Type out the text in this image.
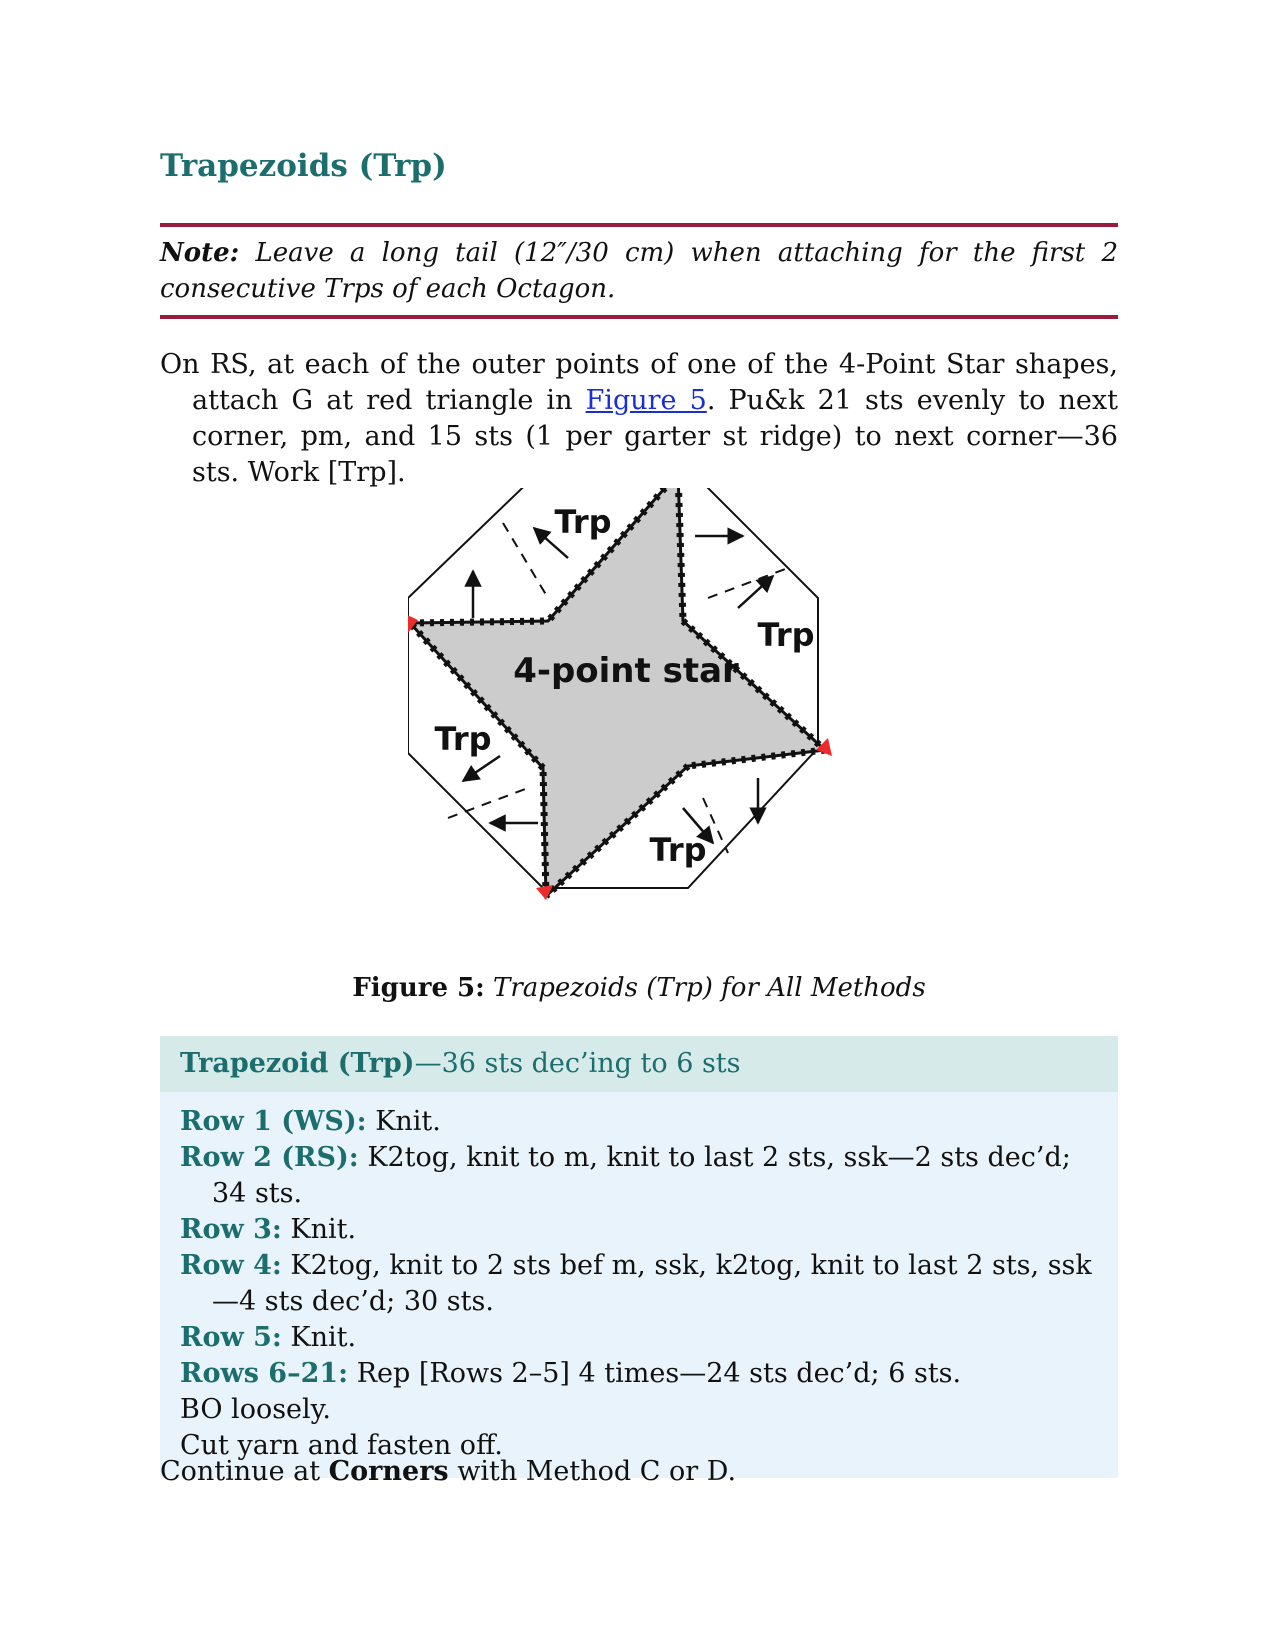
Trapezoids (Trp)
Note: Leave a long tail (12″/30 cm) when attaching for the first 2 consecutive Trps of each Octagon.
On RS, at each of the outer points of one of the 4-Point Star shapes, attach G at red triangle in Figure 5. Pu&k 21 sts evenly to next corner, pm, and 15 sts (1 per garter st ridge) to next corner—36 sts. Work [Trp].
4-point star
Trp
Trp
Trp
Trp
Figure 5: Trapezoids (Trp) for All Methods
Trapezoid (Trp)—36 sts dec’ing to 6 sts
Row 1 (WS): Knit.
Row 2 (RS): K2tog, knit to m, knit to last 2 sts, ssk—2 sts dec’d; 34 sts.
Row 3: Knit.
Row 4: K2tog, knit to 2 sts bef m, ssk, k2tog, knit to last 2 sts, ssk—4 sts dec’d; 30 sts.
Row 5: Knit.
Rows 6–21: Rep [Rows 2–5] 4 times—24 sts dec’d; 6 sts.
BO loosely.
Cut yarn and fasten off.
Continue at Corners with Method C or D.
